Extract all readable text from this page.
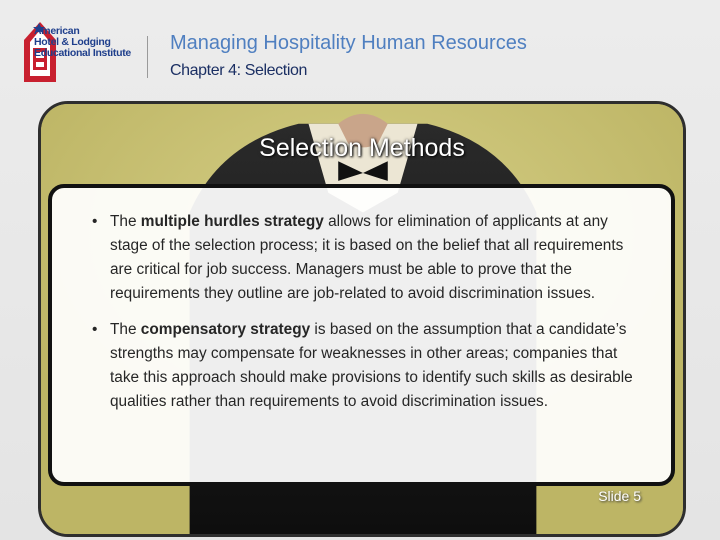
American
Hotel & Lodging
Educational Institute Managing Hospitality Human Resources
Chapter 4: Selection
Selection Methods
• The multiple hurdles strategy allows for elimination of applicants at any stage of the selection process; it is based on the belief that all requirements are critical for job success. Managers must be able to prove that the requirements they outline are job-related to avoid discrimination issues.
• The compensatory strategy is based on the assumption that a candidate’s strengths may compensate for weaknesses in other areas; companies that take this approach should make provisions to identify such skills as desirable qualities rather than requirements to avoid discrimination issues.
Slide 5
